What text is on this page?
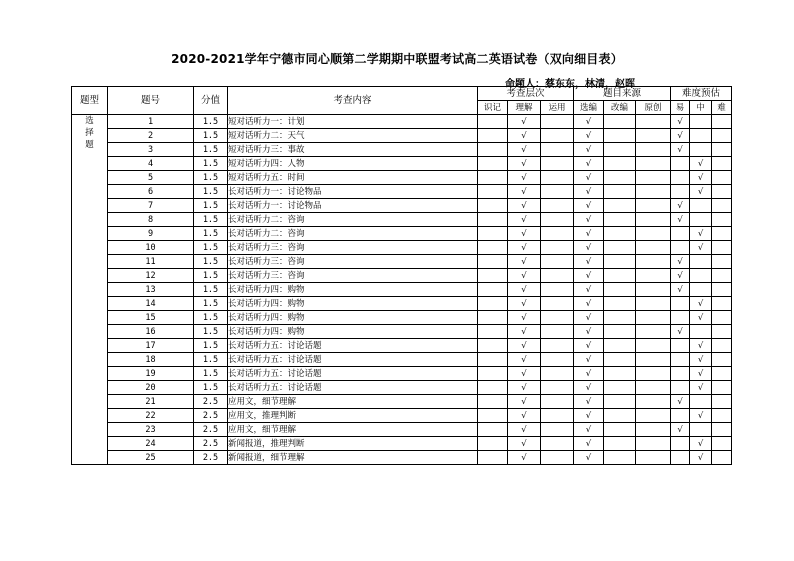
2020-2021学年宁德市同心顺第二学期期中联盟考试高二英语试卷（双向细目表）
命题人：蔡东东，林清，赵晖
题型	题号	分值	考查内容	考查层次			题目来源			难度预估		
				识记	理解	运用	选编	改编	原创	易	中	难

选
择
题	1	1.5	短对话听力一：计划		√		√			√		
	2	1.5	短对话听力二：天气		√		√			√		
	3	1.5	短对话听力三：事故		√		√			√		
	4	1.5	短对话听力四：人物		√		√				√	
	5	1.5	短对话听力五：时间		√		√				√	
	6	1.5	长对话听力一：讨论物品		√		√				√	
	7	1.5	长对话听力一：讨论物品		√		√			√		
	8	1.5	长对话听力二：咨询		√		√			√		
	9	1.5	长对话听力二：咨询		√		√				√	
	10	1.5	长对话听力三：咨询		√		√				√	
	11	1.5	长对话听力三：咨询		√		√			√		
	12	1.5	长对话听力三：咨询		√		√			√		
	13	1.5	长对话听力四：购物		√		√			√		
	14	1.5	长对话听力四：购物		√		√				√	
	15	1.5	长对话听力四：购物		√		√				√	
	16	1.5	长对话听力四：购物		√		√			√		
	17	1.5	长对话听力五：讨论话题		√		√				√	
	18	1.5	长对话听力五：讨论话题		√		√				√	
	19	1.5	长对话听力五：讨论话题		√		√				√	
	20	1.5	长对话听力五：讨论话题		√		√				√	
	21	2.5	应用文，细节理解		√		√			√		
	22	2.5	应用文，推理判断		√		√				√	
	23	2.5	应用文，细节理解		√		√			√		
	24	2.5	新闻报道，推理判断		√		√				√	
	25	2.5	新闻报道，细节理解		√		√				√	
